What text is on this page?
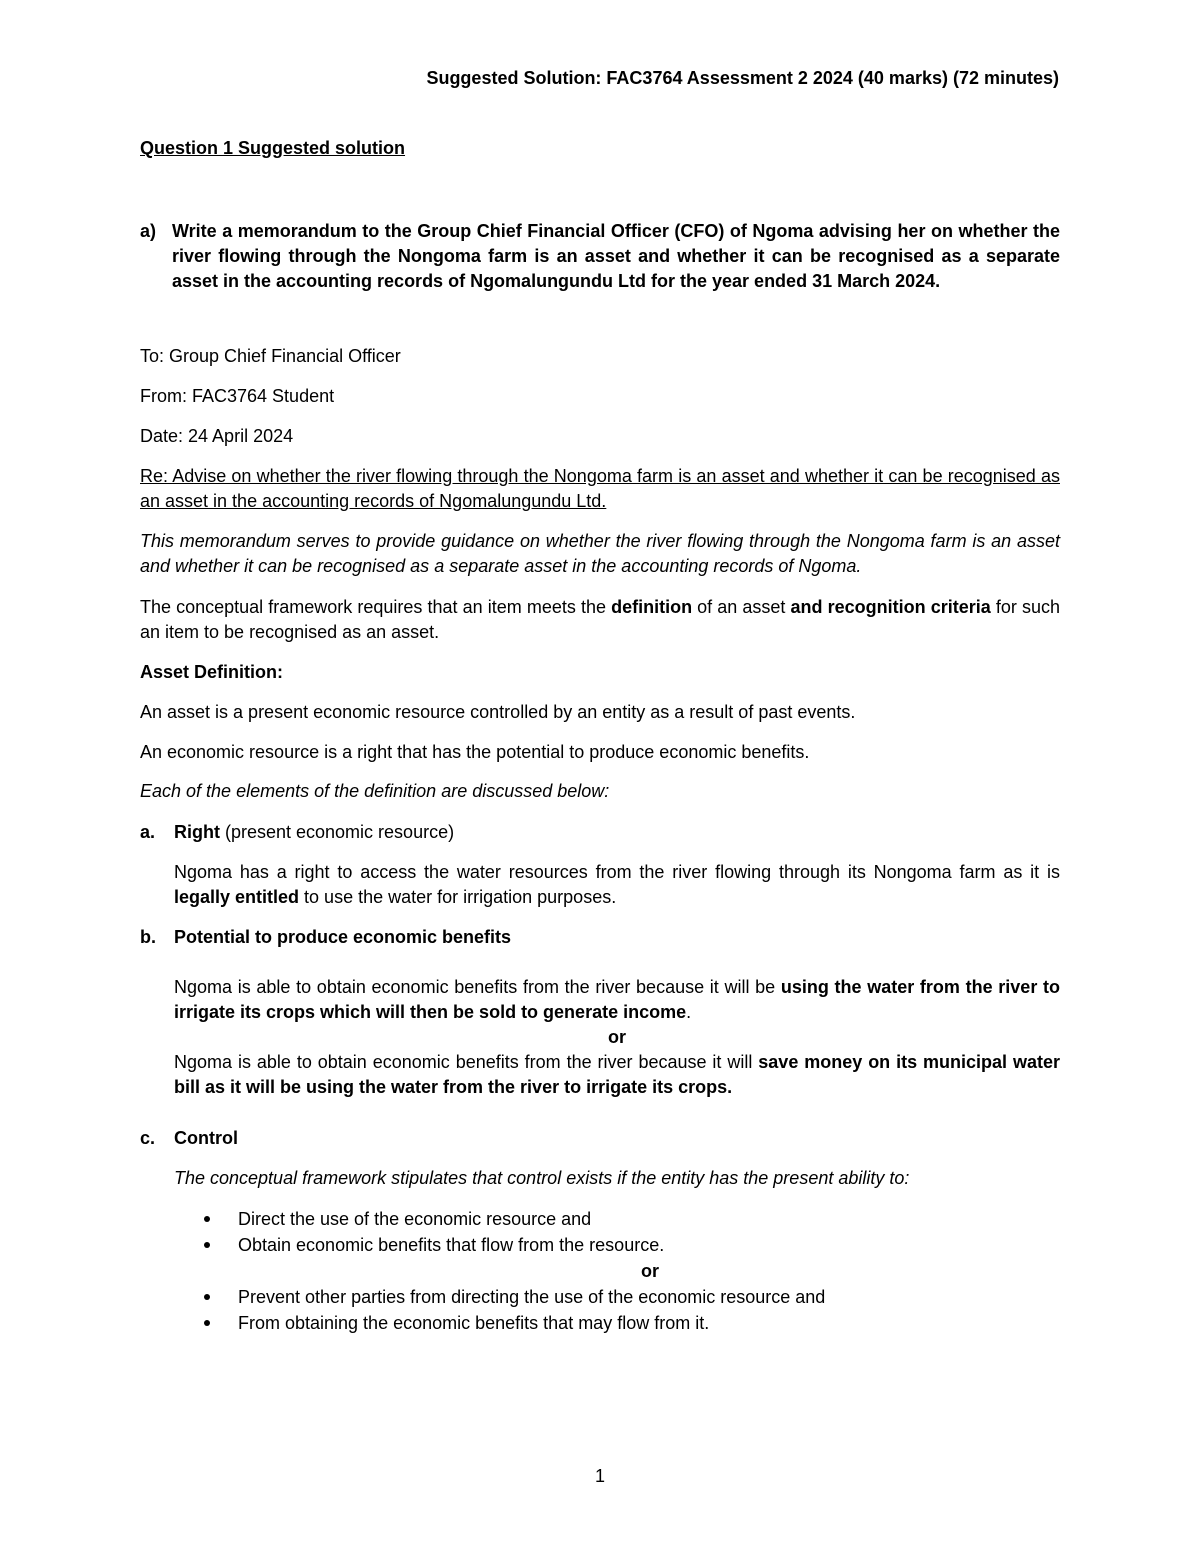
Suggested Solution: FAC3764 Assessment 2 2024 (40 marks) (72 minutes)
Question 1 Suggested solution
a) Write a memorandum to the Group Chief Financial Officer (CFO) of Ngoma advising her on whether the river flowing through the Nongoma farm is an asset and whether it can be recognised as a separate asset in the accounting records of Ngomalungundu Ltd for the year ended 31 March 2024.
To: Group Chief Financial Officer
From: FAC3764 Student
Date: 24 April 2024
Re: Advise on whether the river flowing through the Nongoma farm is an asset and whether it can be recognised as an asset in the accounting records of Ngomalungundu Ltd.
This memorandum serves to provide guidance on whether the river flowing through the Nongoma farm is an asset and whether it can be recognised as a separate asset in the accounting records of Ngoma.
The conceptual framework requires that an item meets the definition of an asset and recognition criteria for such an item to be recognised as an asset.
Asset Definition:
An asset is a present economic resource controlled by an entity as a result of past events.
An economic resource is a right that has the potential to produce economic benefits.
Each of the elements of the definition are discussed below:
a.	Right (present economic resource)
Ngoma has a right to access the water resources from the river flowing through its Nongoma farm as it is legally entitled to use the water for irrigation purposes.
b.	Potential to produce economic benefits
Ngoma is able to obtain economic benefits from the river because it will be using the water from the river to irrigate its crops which will then be sold to generate income.
or
Ngoma is able to obtain economic benefits from the river because it will save money on its municipal water bill as it will be using the water from the river to irrigate its crops.
c.	Control
The conceptual framework stipulates that control exists if the entity has the present ability to:
Direct the use of the economic resource and
Obtain economic benefits that flow from the resource.
or
Prevent other parties from directing the use of the economic resource and
From obtaining the economic benefits that may flow from it.
1
